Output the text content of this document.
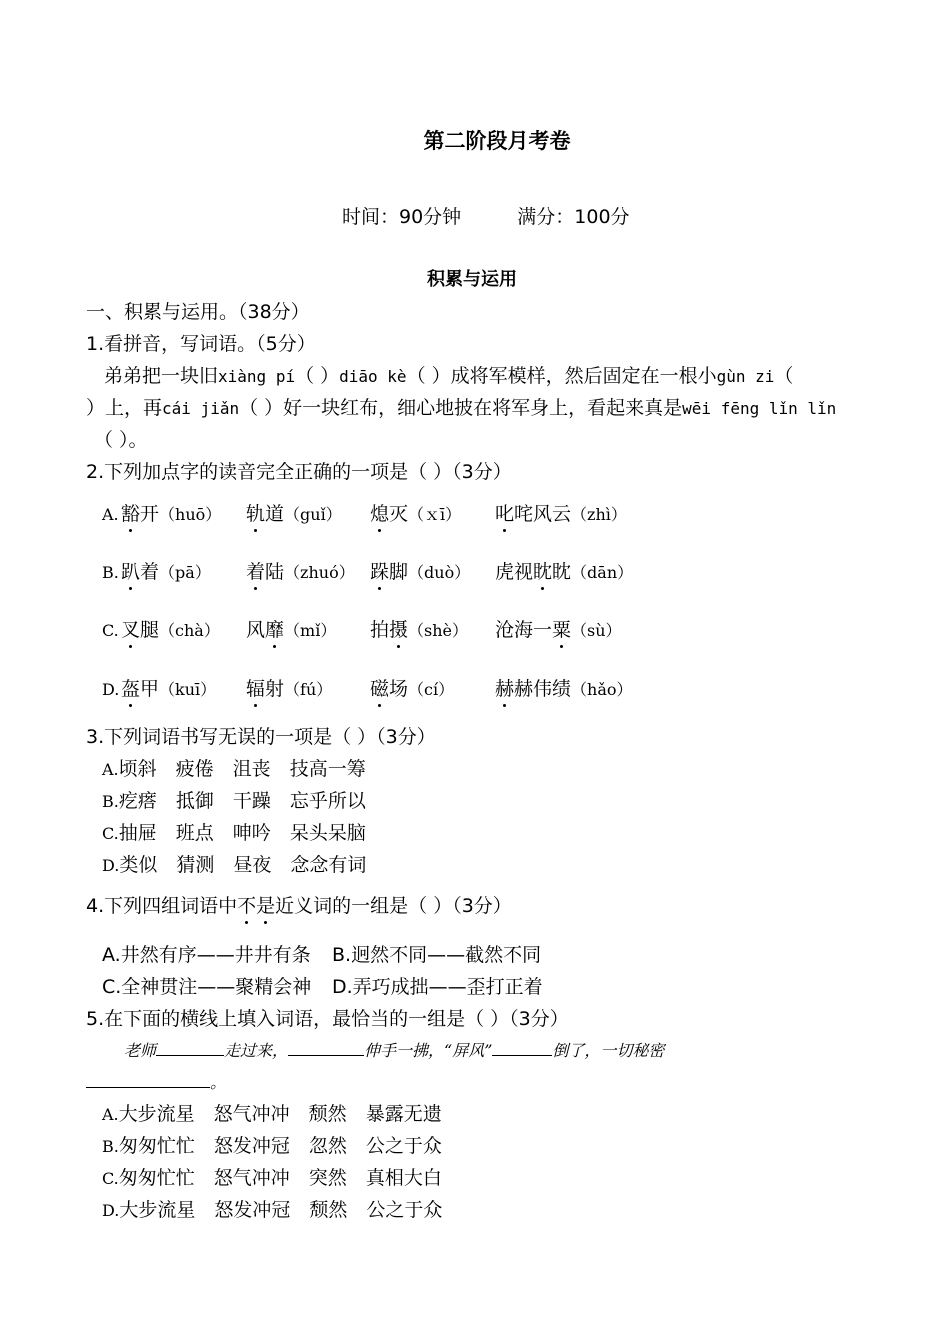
第二阶段月考卷
时间：90分钟	满分：100分
积累与运用
一、积累与运用。（38分）
1.看拼音，写词语。（5分）
弟弟把一块旧xiàng pí（ ）diāo kè（ ）成将军模样，然后固定在一根小gùn zi（
）上，再cái jiǎn（ ）好一块红布，细心地披在将军身上，看起来真是wēi fēng lǐn lǐn
（ ）。
2.下列加点字的读音完全正确的一项是（ ）（3分）
A. 豁开（huō） 轨道（guǐ） 熄灭（ｘī） 叱咤风云（zhì）
B. 趴着（pā） 着陆（zhuó） 跺脚（duò） 虎视眈眈（dān）
C. 叉腿（chà） 风靡（mǐ） 拍摄（shè） 沧海一粟（sù）
D. 盔甲（kuī） 辐射（fú） 磁场（cí） 赫赫伟绩（hǎo）
3.下列词语书写无误的一项是（ ）（3分）
A.顷斜 疲倦 沮丧 技高一筹
B.疙瘩 抵御 干躁 忘乎所以
C.抽屉 班点 呻吟 呆头呆脑
D.类似 猜测 昼夜 念念有词
4.下列四组词语中不是近义词的一组是（ ）（3分）
A.井然有序——井井有条 B.迥然不同——截然不同
C.全神贯注——聚精会神 D.弄巧成拙——歪打正着
5.在下面的横线上填入词语，最恰当的一组是（ ）（3分）
老师	走过来，	伸手一拂，“屏风”	倒了，一切秘密
。
A.大步流星 怒气冲冲 颓然 暴露无遗
B.匆匆忙忙 怒发冲冠 忽然 公之于众
C.匆匆忙忙 怒气冲冲 突然 真相大白
D.大步流星 怒发冲冠 颓然 公之于众
